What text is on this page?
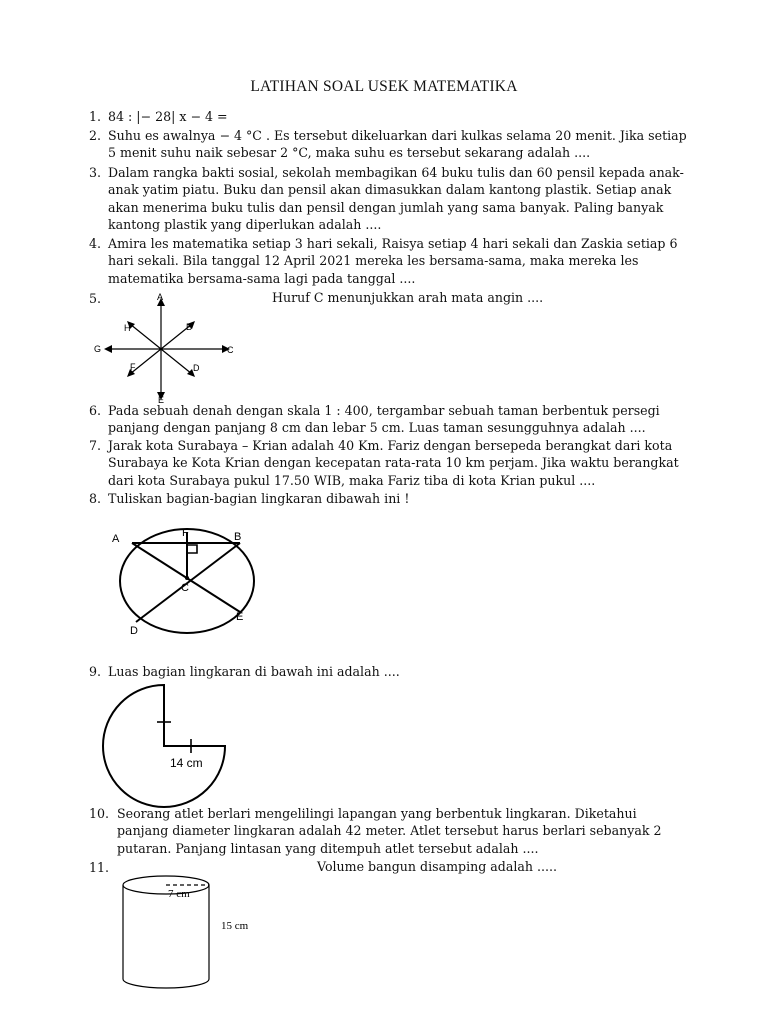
LATIHAN SOAL USEK MATEMATIKA
1. 84 : |− 28| x − 4 =
2. Suhu es awalnya − 4 °C . Es tersebut dikeluarkan dari kulkas selama 20 menit. Jika setiap 5 menit suhu naik sebesar 2 °C, maka suhu es tersebut sekarang adalah ....
3. Dalam rangka bakti sosial, sekolah membagikan 64 buku tulis dan 60 pensil kepada anak-anak yatim piatu. Buku dan pensil akan dimasukkan dalam kantong plastik. Setiap anak akan menerima buku tulis dan pensil dengan jumlah yang sama banyak. Paling banyak kantong plastik yang diperlukan adalah ....
4. Amira les matematika setiap 3 hari sekali, Raisya setiap 4 hari sekali dan Zaskia setiap 6 hari sekali. Bila tanggal 12 April 2021 mereka les bersama-sama, maka mereka les matematika bersama-sama lagi pada tanggal ....
5.	Huruf C menunjukkan arah mata angin ....
A
B
C
D
E
F
G
H
6. Pada sebuah denah dengan skala 1 : 400, tergambar sebuah taman berbentuk persegi panjang dengan panjang 8 cm dan lebar 5 cm. Luas taman sesungguhnya adalah ....
7. Jarak kota Surabaya – Krian adalah 40 Km. Fariz dengan bersepeda berangkat dari kota Surabaya ke Kota Krian dengan kecepatan rata-rata 10 km perjam. Jika waktu berangkat dari kota Surabaya pukul 17.50 WIB, maka Fariz tiba di kota Krian pukul ....
8. Tuliskan bagian-bagian lingkaran dibawah ini !
A	B
C
D
E
F
9. Luas bagian lingkaran di bawah ini adalah ....
14 cm
10. Seorang atlet berlari mengelilingi lapangan yang berbentuk lingkaran. Diketahui panjang diameter lingkaran adalah 42 meter. Atlet tersebut harus berlari sebanyak 2 putaran. Panjang lintasan yang ditempuh atlet tersebut adalah ....
11.	Volume bangun disamping adalah .....
7 cm
15 cm
